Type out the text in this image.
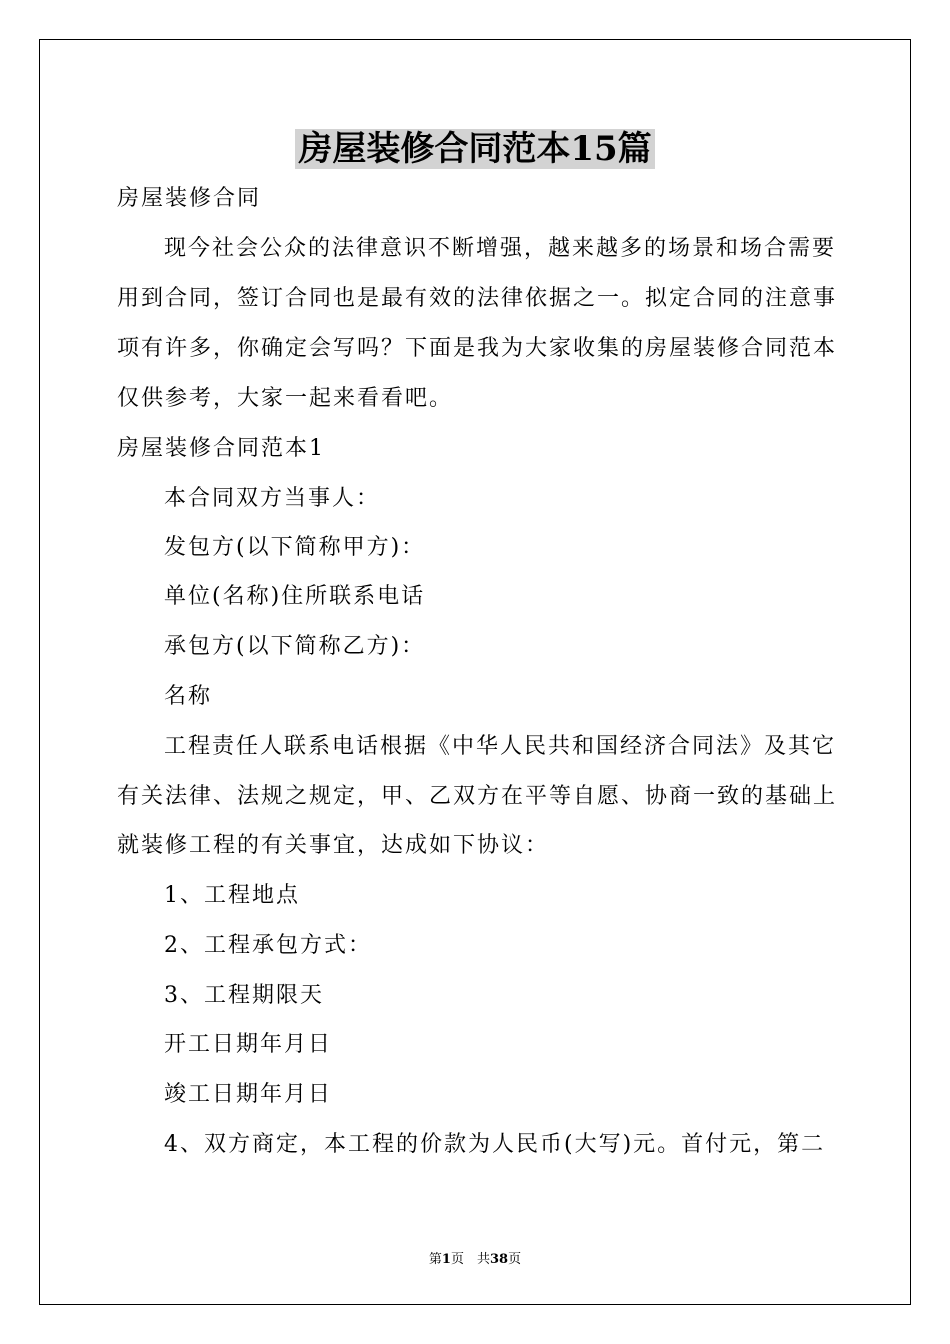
房屋装修合同范本15篇
房屋装修合同
现今社会公众的法律意识不断增强，越来越多的场景和场合需要
用到合同，签订合同也是最有效的法律依据之一。拟定合同的注意事
项有许多，你确定会写吗？下面是我为大家收集的房屋装修合同范本
仅供参考，大家一起来看看吧。
房屋装修合同范本1
本合同双方当事人：
发包方(以下简称甲方)：
单位(名称)住所联系电话
承包方(以下简称乙方)：
名称
工程责任人联系电话根据《中华人民共和国经济合同法》及其它
有关法律、法规之规定，甲、乙双方在平等自愿、协商一致的基础上
就装修工程的有关事宜，达成如下协议：
1、工程地点
2、工程承包方式：
3、工程期限天
开工日期年月日
竣工日期年月日
4、双方商定，本工程的价款为人民币(大写)元。首付元，第二
第1页　共38页
